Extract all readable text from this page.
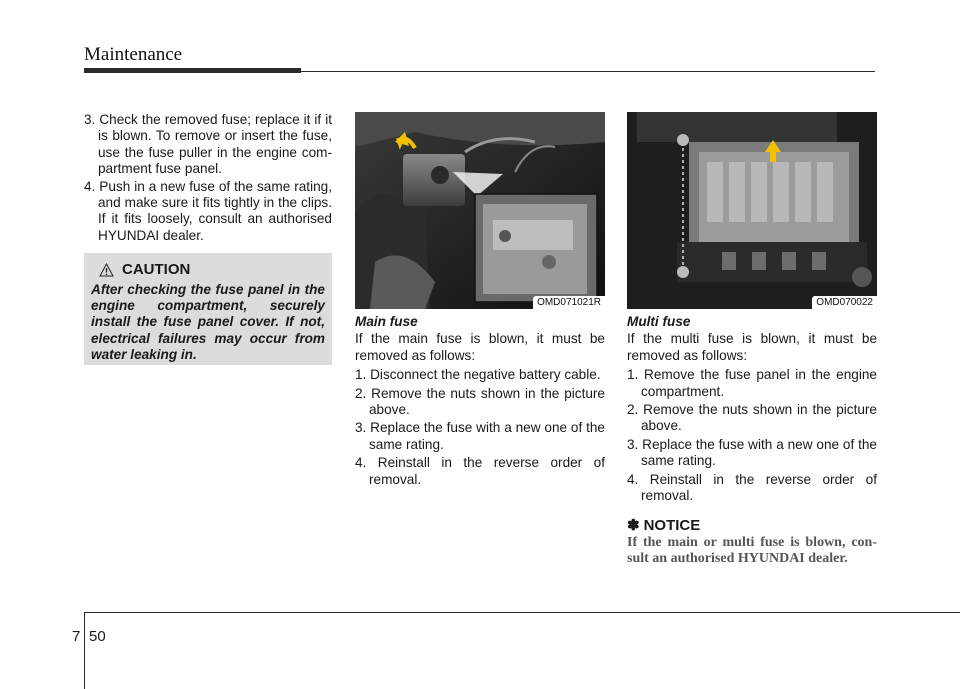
Maintenance
3. Check the removed fuse; replace it if it is blown. To remove or insert the fuse, use the fuse puller in the engine com-partment fuse panel.
4. Push in a new fuse of the same rating, and make sure it fits tightly in the clips. If it fits loosely, consult an authorised HYUNDAI dealer.
CAUTION
After checking the fuse panel in the engine compartment, securely install the fuse panel cover. If not, electrical failures may occur from water leaking in.
OMD071021R	OMD070022
Main fuse

If the main fuse is blown, it must be removed as follows:

1. Disconnect the negative battery cable.
2. Remove the nuts shown in the picture above.
3. Replace the fuse with a new one of the same rating.
4. Reinstall in the reverse order of removal.
Multi fuse

If the multi fuse is blown, it must be removed as follows:

1. Remove the fuse panel in the engine compartment.
2. Remove the nuts shown in the picture above.
3. Replace the fuse with a new one of the same rating.
4. Reinstall in the reverse order of removal.
✽ NOTICE
If the main or multi fuse is blown, con-sult an authorised HYUNDAI dealer.
7 50
